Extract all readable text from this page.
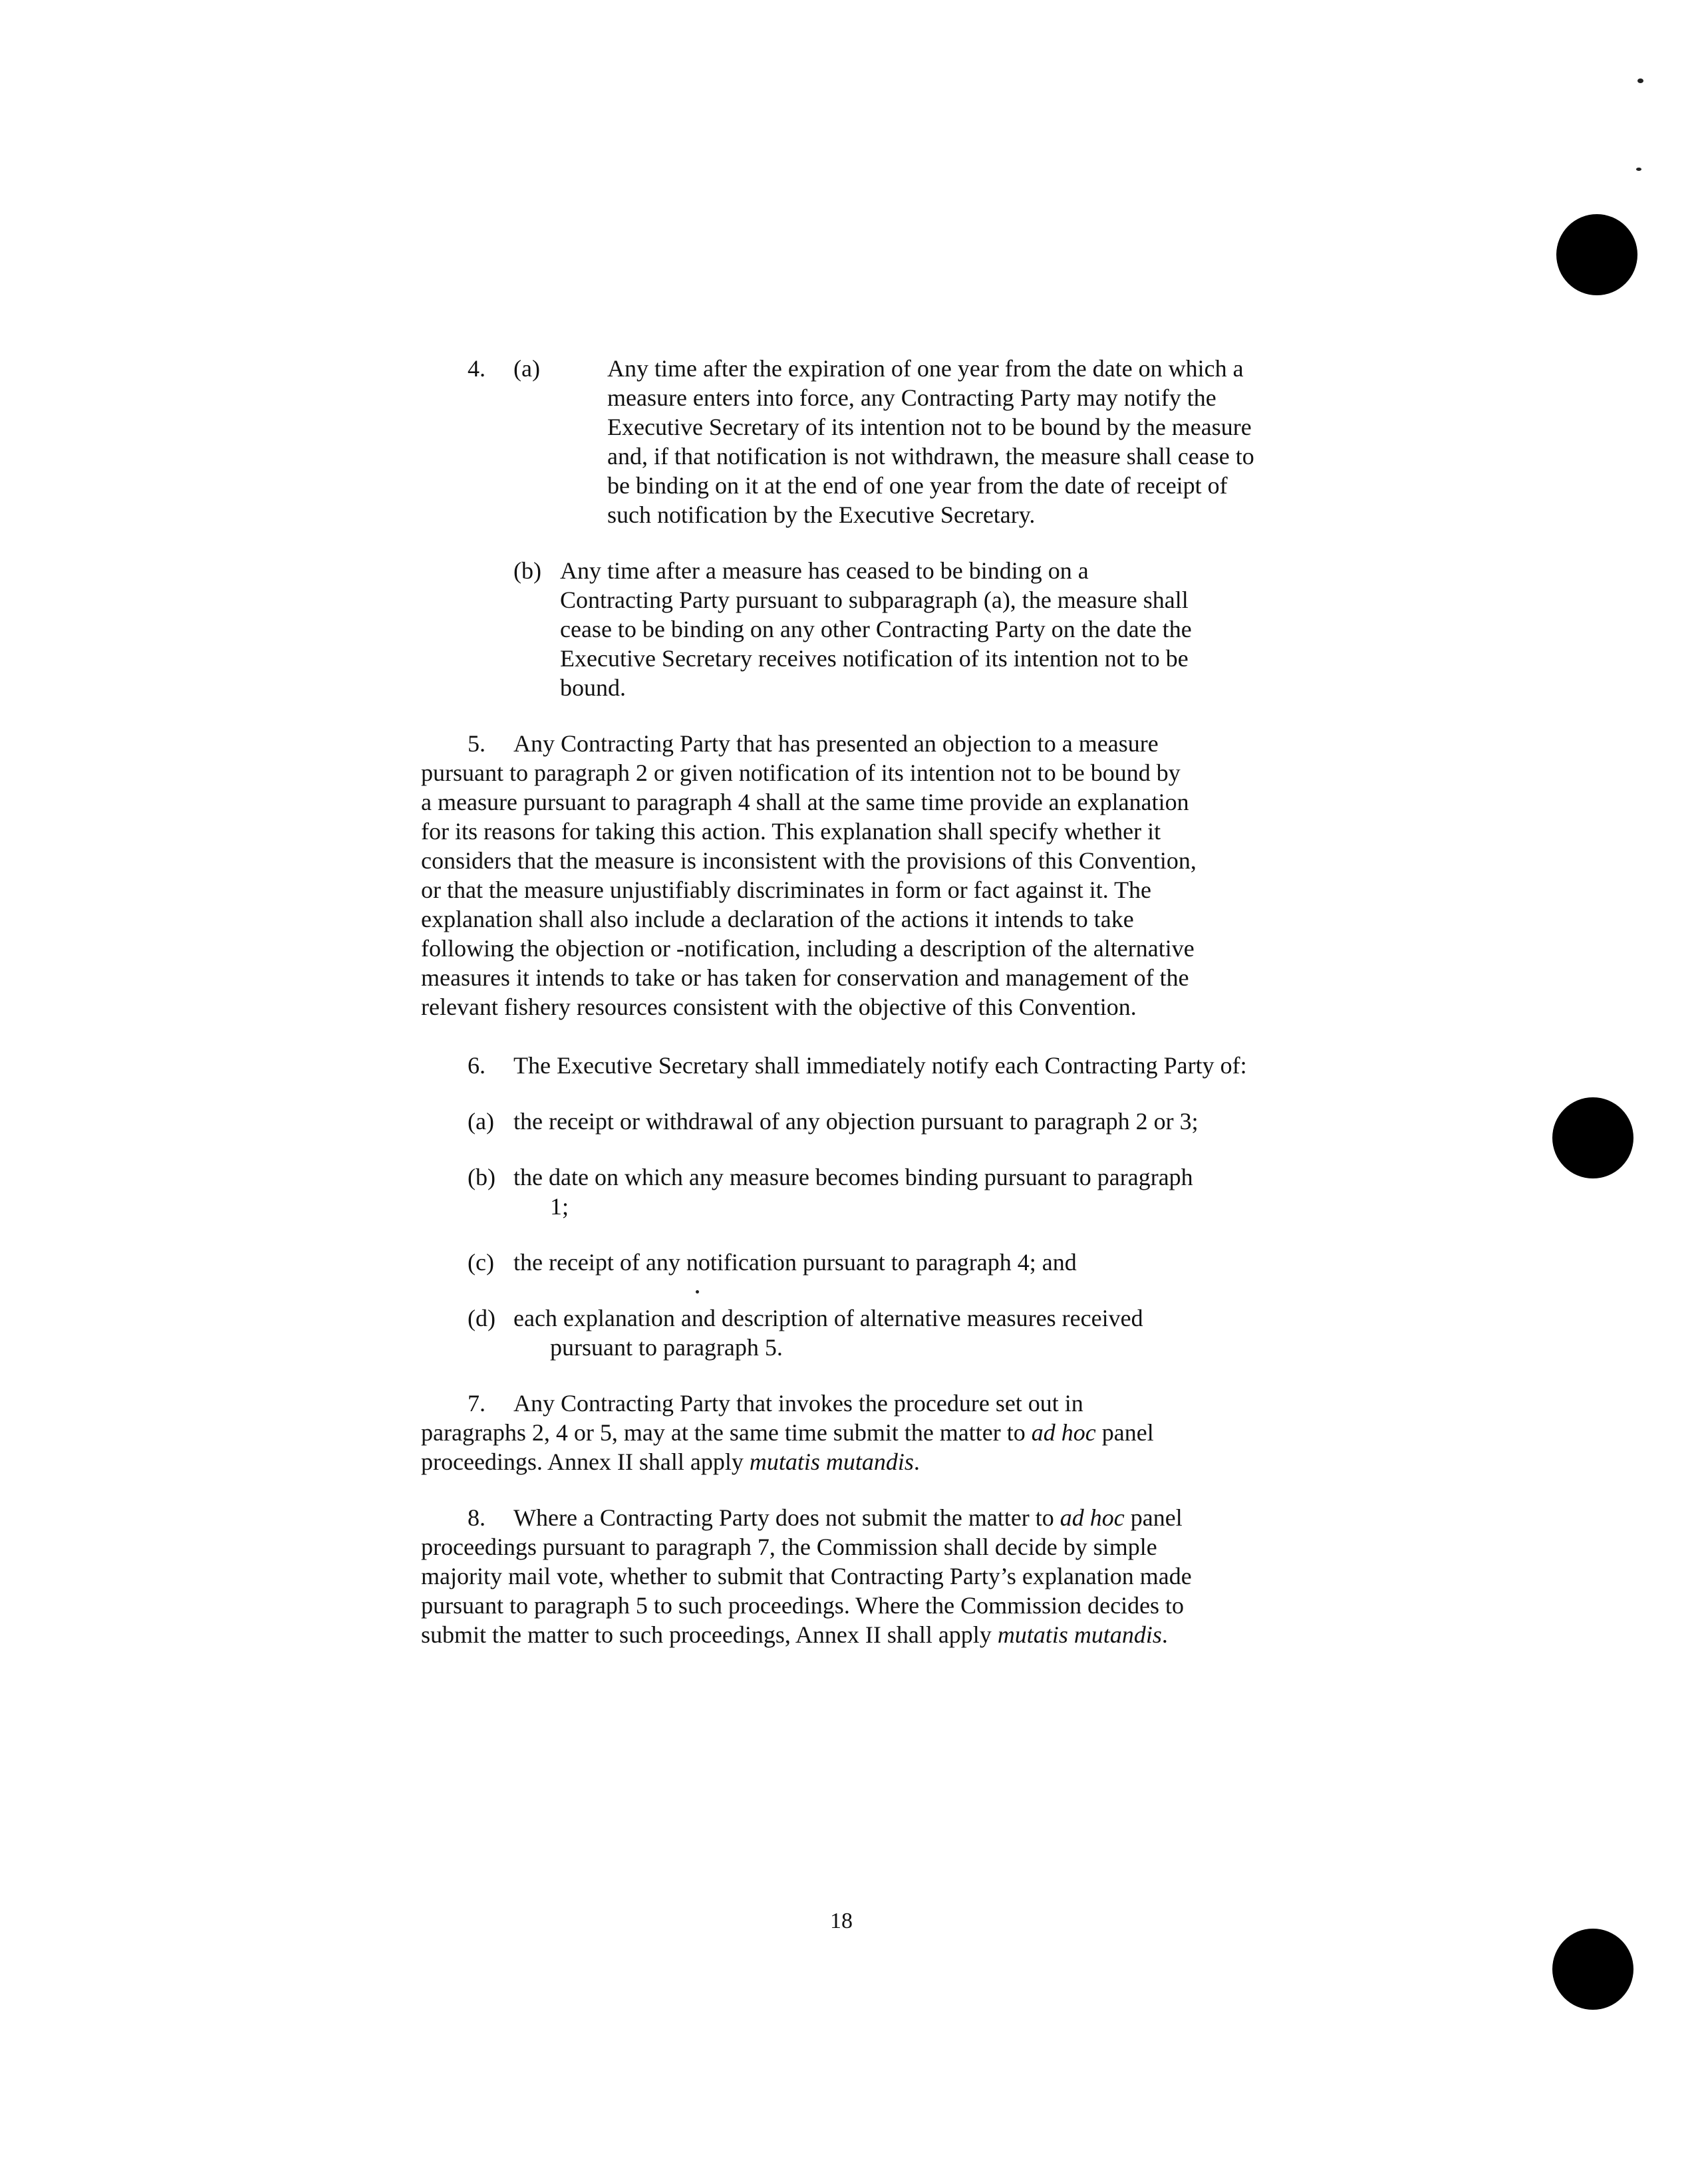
4. (a)	Any time after the expiration of one year from the date on which a
measure enters into force, any Contracting Party may notify the
Executive Secretary of its intention not to be bound by the measure
and, if that notification is not withdrawn, the measure shall cease to
be binding on it at the end of one year from the date of receipt of
such notification by the Executive Secretary.
(b) Any time after a measure has ceased to be binding on a
Contracting Party pursuant to subparagraph (a), the measure shall
cease to be binding on any other Contracting Party on the date the
Executive Secretary receives notification of its intention not to be
bound.
5. Any Contracting Party that has presented an objection to a measure
pursuant to paragraph 2 or given notification of its intention not to be bound by
a measure pursuant to paragraph 4 shall at the same time provide an explanation
for its reasons for taking this action. This explanation shall specify whether it
considers that the measure is inconsistent with the provisions of this Convention,
or that the measure unjustifiably discriminates in form or fact against it. The
explanation shall also include a declaration of the actions it intends to take
following the objection or -notification, including a description of the alternative
measures it intends to take or has taken for conservation and management of the
relevant fishery resources consistent with the objective of this Convention.
6. The Executive Secretary shall immediately notify each Contracting Party of:
(a) the receipt or withdrawal of any objection pursuant to paragraph 2 or 3;
(b) the date on which any measure becomes binding pursuant to paragraph
1;
(c) the receipt of any notification pursuant to paragraph 4; and
(d) each explanation and description of alternative measures received
pursuant to paragraph 5.
7. Any Contracting Party that invokes the procedure set out in
paragraphs 2, 4 or 5, may at the same time submit the matter to ad hoc panel
proceedings. Annex II shall apply mutatis mutandis.
8. Where a Contracting Party does not submit the matter to ad hoc panel
proceedings pursuant to paragraph 7, the Commission shall decide by simple
majority mail vote, whether to submit that Contracting Party’s explanation made
pursuant to paragraph 5 to such proceedings. Where the Commission decides to
submit the matter to such proceedings, Annex II shall apply mutatis mutandis.
18
